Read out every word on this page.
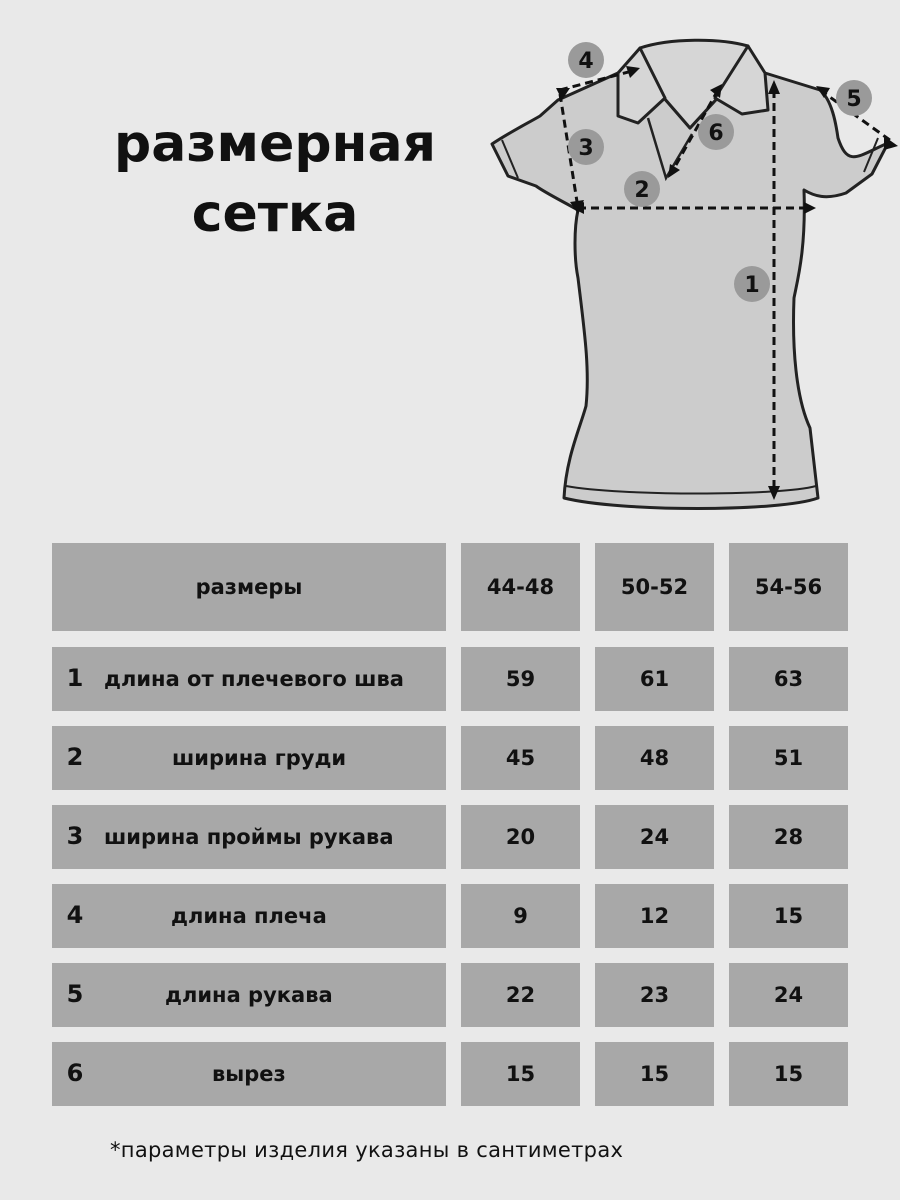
размерная
сетка
1
2
3
4
5
6
размеры	44-48	50-52	54-56
1 длина от плечевого шва	59	61	63
2	ширина груди	45	48	51
3 ширина проймы рукава	20	24	28
4	длина плеча	9	12	15
5	длина рукава	22	23	24
6	вырез	15	15	15
*параметры изделия указаны в сантиметрах
